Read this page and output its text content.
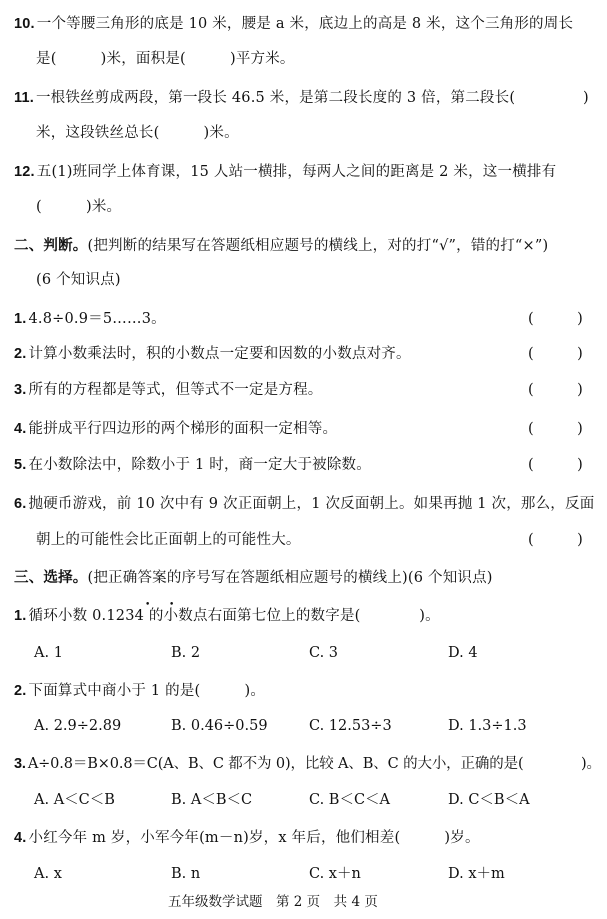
10. 一个等腰三角形的底是 10 米，腰是 a 米，底边上的高是 8 米，这个三角形的周长
是(　　　)米，面积是(　　　)平方米。
11. 一根铁丝剪成两段，第一段长 46.5 米，是第二段长度的 3 倍，第二段长(	)
米，这段铁丝总长(　　　)米。
12. 五(1)班同学上体育课，15 人站一横排，每两人之间的距离是 2 米，这一横排有
(　　　)米。
二、判断。(把判断的结果写在答题纸相应题号的横线上，对的打“√”，错的打“×”)
(6 个知识点)
1. 4.8÷0.9＝5……3。	(　　　)
2. 计算小数乘法时，积的小数点一定要和因数的小数点对齐。	(　　　)
3. 所有的方程都是等式，但等式不一定是方程。	(　　　)
4. 能拼成平行四边形的两个梯形的面积一定相等。	(　　　)
5. 在小数除法中，除数小于 1 时，商一定大于被除数。	(　　　)
6. 抛硬币游戏，前 10 次中有 9 次正面朝上，1 次反面朝上。如果再抛 1 次，那么，反面
朝上的可能性会比正面朝上的可能性大。	(　　　)
三、选择。(把正确答案的序号写在答题纸相应题号的横线上)(6 个知识点)
1. 循环小数 0.1234 的小数点右面第七位上的数字是(　　　　)。
• •
A. 1	B. 2	C. 3	D. 4
2. 下面算式中商小于 1 的是(　　　)。
A. 2.9÷2.89	B. 0.46÷0.59	C. 12.53÷3	D. 1.3÷1.3
3. A÷0.8＝B×0.8＝C(A、B、C 都不为 0)，比较 A、B、C 的大小，正确的是(　　　　)。
A. A＜C＜B	B. A＜B＜C	C. B＜C＜A	D. C＜B＜A
4. 小红今年 m 岁，小军今年(m－n)岁，x 年后，他们相差(　　　)岁。
A. x	B. n	C. x＋n	D. x＋m
五年级数学试题　第 2 页　共 4 页
